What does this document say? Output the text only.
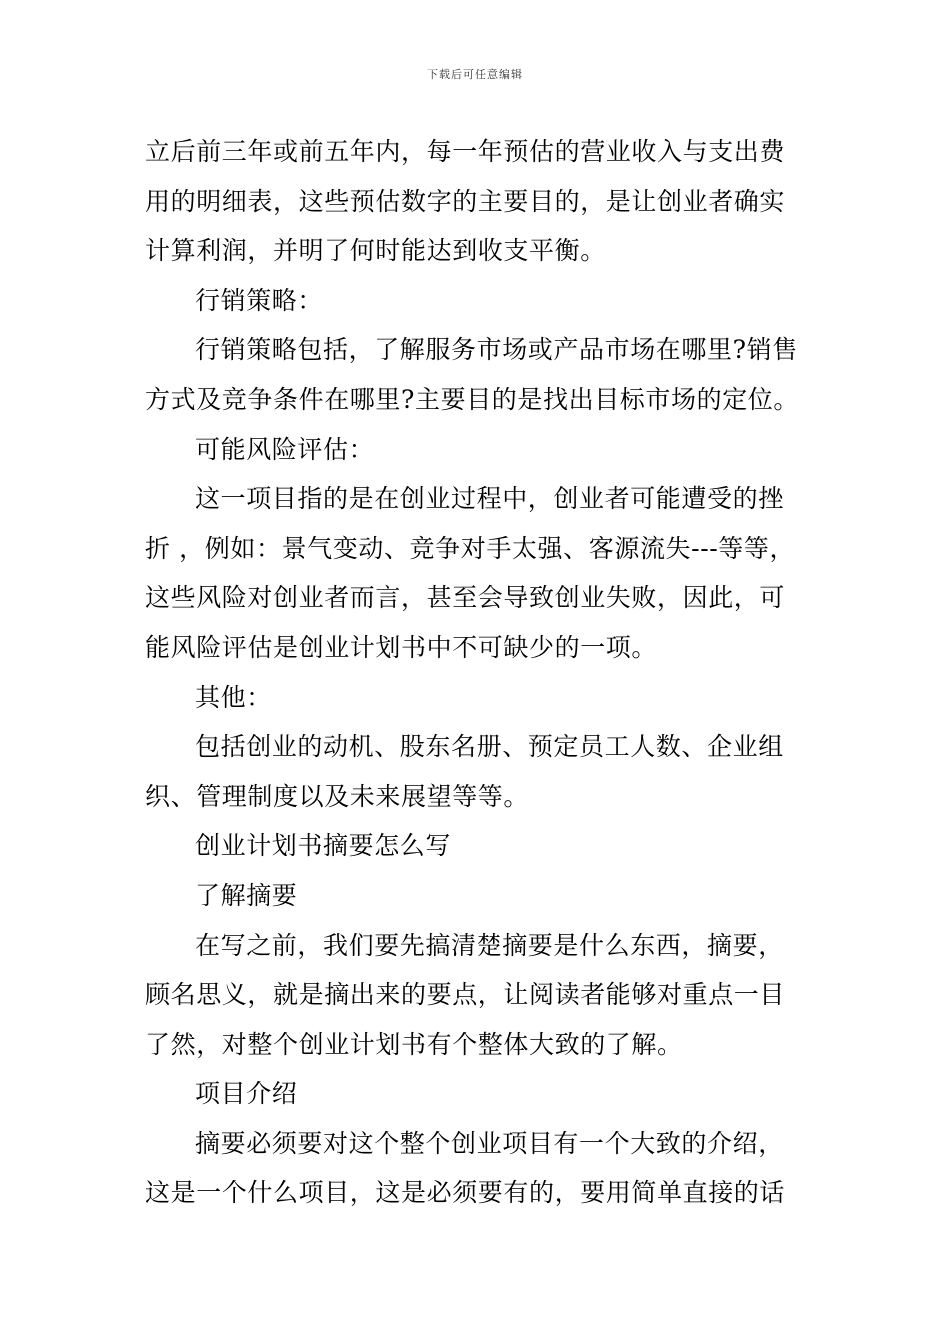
下载后可任意编辑
立后前三年或前五年内，每一年预估的营业收入与支出费
用的明细表，这些预估数字的主要目的，是让创业者确实
计算利润，并明了何时能达到收支平衡。
行销策略：
行销策略包括，了解服务市场或产品市场在哪里?销售
方式及竞争条件在哪里?主要目的是找出目标市场的定位。
可能风险评估：
这一项目指的是在创业过程中，创业者可能遭受的挫
折 ，例如：景气变动、竞争对手太强、客源流失---等等，
这些风险对创业者而言，甚至会导致创业失败，因此，可
能风险评估是创业计划书中不可缺少的一项。
其他：
包括创业的动机、股东名册、预定员工人数、企业组
织、管理制度以及未来展望等等。
创业计划书摘要怎么写
了解摘要
在写之前，我们要先搞清楚摘要是什么东西，摘要，
顾名思义，就是摘出来的要点，让阅读者能够对重点一目
了然，对整个创业计划书有个整体大致的了解。
项目介绍
摘要必须要对这个整个创业项目有一个大致的介绍，
这是一个什么项目，这是必须要有的，要用简单直接的话
